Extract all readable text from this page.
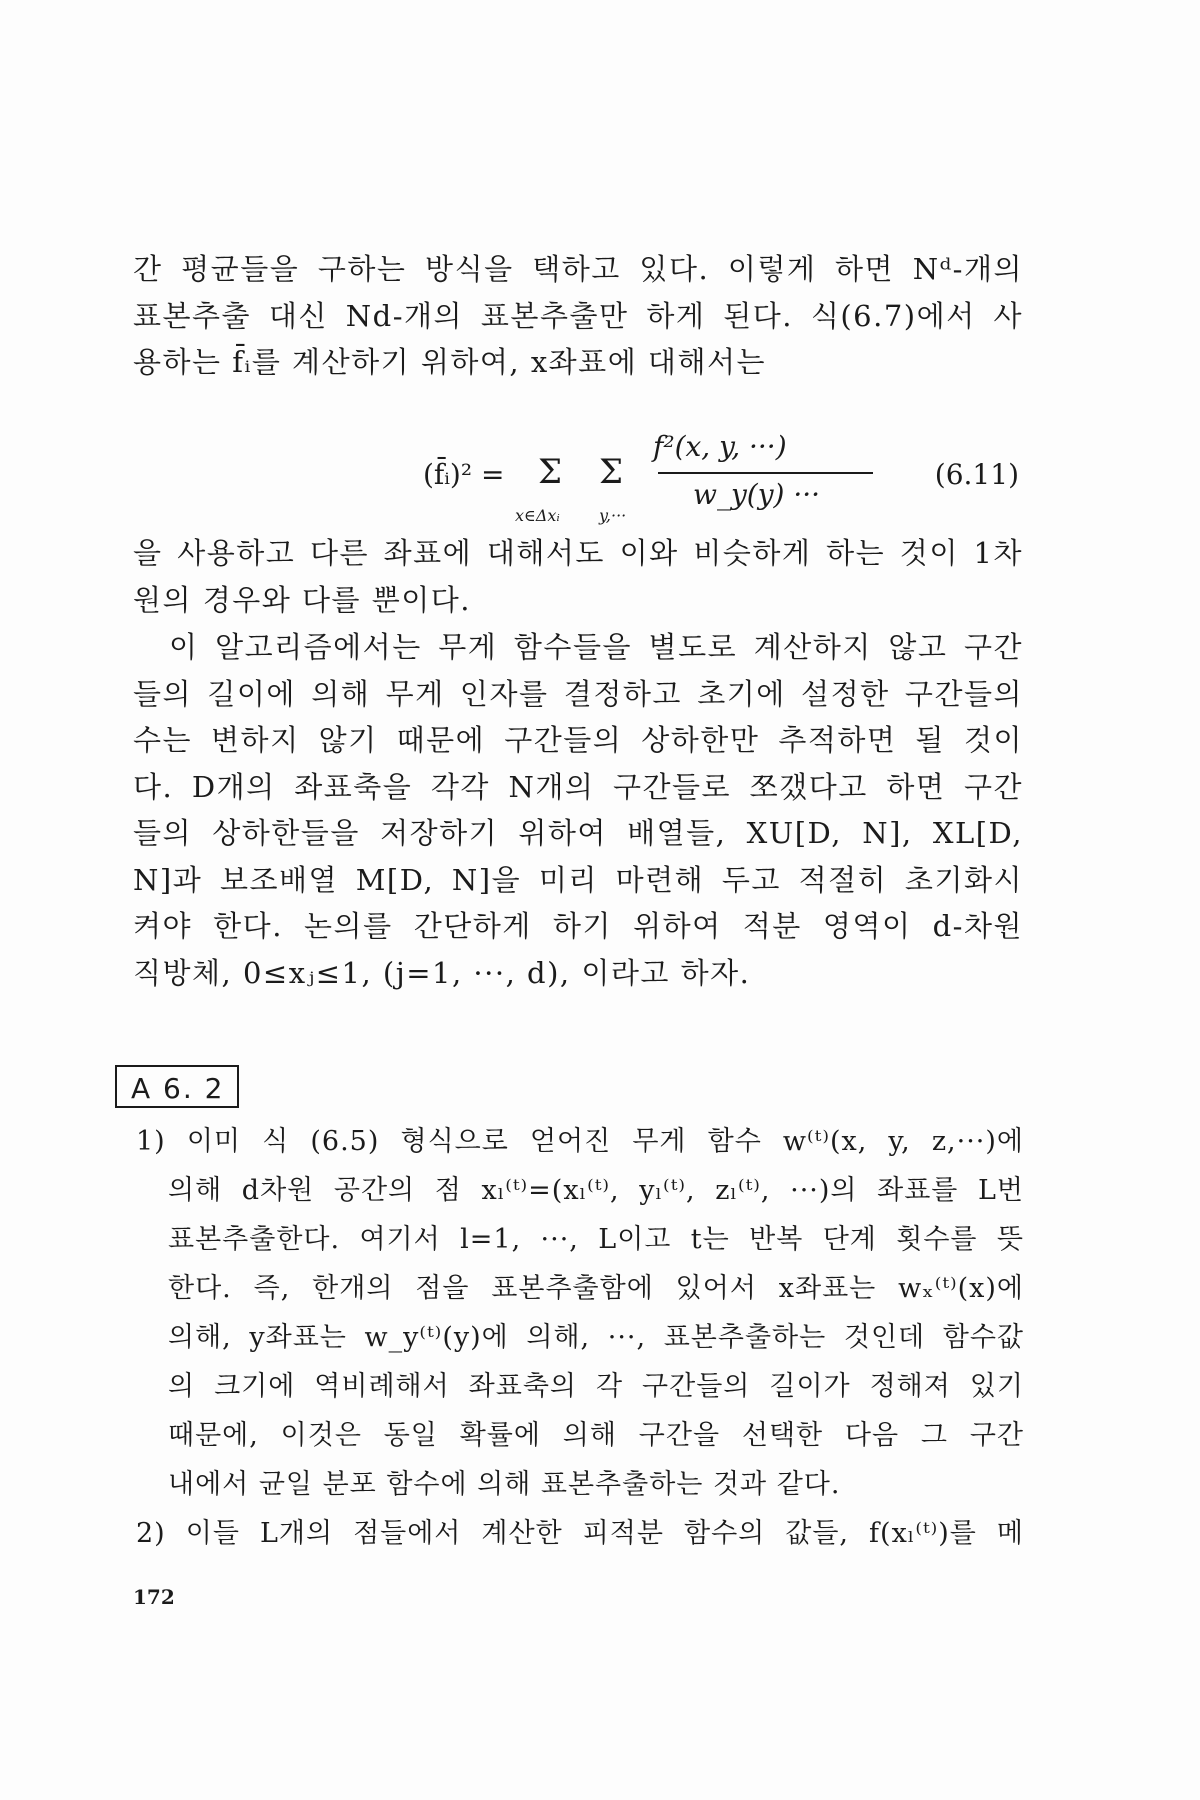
간 평균들을 구하는 방식을 택하고 있다. 이렇게 하면 Nᵈ-개의
표본추출 대신 Nd-개의 표본추출만 하게 된다. 식(6.7)에서 사
용하는 f̄ᵢ를 계산하기 위하여, x좌표에 대해서는
(f̄ᵢ)² = Σ
x∈Δxᵢ
Σ
y,···
f²(x, y, ···)
w_y(y) ···
(6.11)
을 사용하고 다른 좌표에 대해서도 이와 비슷하게 하는 것이 1차
원의 경우와 다를 뿐이다.
이 알고리즘에서는 무게 함수들을 별도로 계산하지 않고 구간
들의 길이에 의해 무게 인자를 결정하고 초기에 설정한 구간들의
수는 변하지 않기 때문에 구간들의 상하한만 추적하면 될 것이
다. D개의 좌표축을 각각 N개의 구간들로 쪼갰다고 하면 구간
들의 상하한들을 저장하기 위하여 배열들, XU[D, N], XL[D,
N]과 보조배열 M[D, N]을 미리 마련해 두고 적절히 초기화시
켜야 한다. 논의를 간단하게 하기 위하여 적분 영역이 d-차원
직방체, 0≤xⱼ≤1, (j=1, ···, d), 이라고 하자.
A 6. 2
1) 이미 식 (6.5) 형식으로 얻어진 무게 함수 w⁽ᵗ⁾(x, y, z,···)에
의해 d차원 공간의 점 xₗ⁽ᵗ⁾=(xₗ⁽ᵗ⁾, yₗ⁽ᵗ⁾, zₗ⁽ᵗ⁾, ···)의 좌표를 L번
표본추출한다. 여기서 l=1, ···, L이고 t는 반복 단계 횟수를 뜻
한다. 즉, 한개의 점을 표본추출함에 있어서 x좌표는 wₓ⁽ᵗ⁾(x)에
의해, y좌표는 w_y⁽ᵗ⁾(y)에 의해, ···, 표본추출하는 것인데 함수값
의 크기에 역비례해서 좌표축의 각 구간들의 길이가 정해져 있기
때문에, 이것은 동일 확률에 의해 구간을 선택한 다음 그 구간
내에서 균일 분포 함수에 의해 표본추출하는 것과 같다.
2) 이들 L개의 점들에서 계산한 피적분 함수의 값들, f(xₗ⁽ᵗ⁾)를 메
172
